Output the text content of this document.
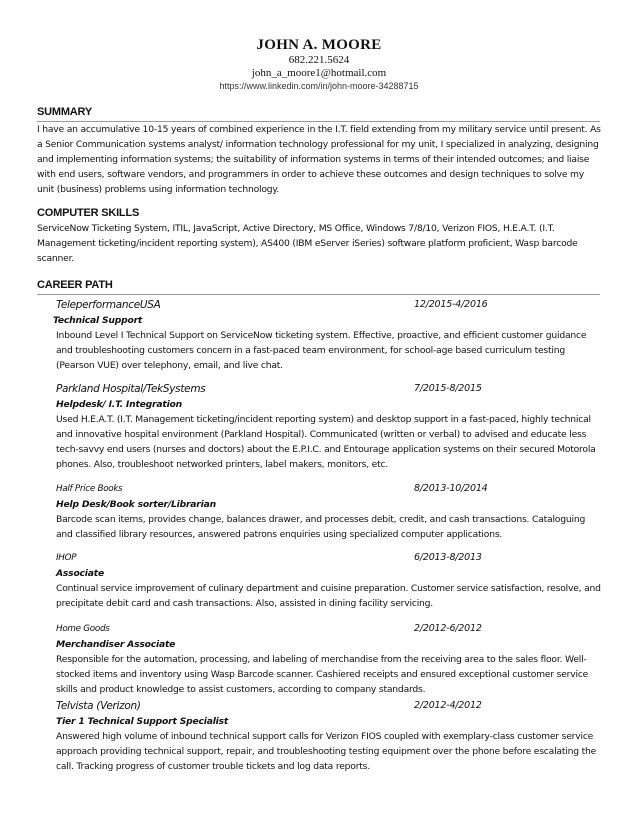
JOHN A. MOORE
682.221.5624
john_a_moore1@hotmail.com
https://www.linkedin.com/in/john-moore-34288715
SUMMARY
I have an accumulative 10-15 years of combined experience in the I.T. field extending from my military service until present. As a Senior Communication systems analyst/ information technology professional for my unit, I specialized in analyzing, designing and implementing information systems; the suitability of information systems in terms of their intended outcomes; and liaise with end users, software vendors, and programmers in order to achieve these outcomes and design techniques to solve my unit (business) problems using information technology.
COMPUTER SKILLS
ServiceNow Ticketing System, ITIL, JavaScript, Active Directory, MS Office, Windows 7/8/10, Verizon FIOS, H.E.A.T. (I.T. Management ticketing/incident reporting system), AS400 (IBM eServer iSeries) software platform proficient, Wasp barcode scanner.
CAREER PATH
TeleperformanceUSA	12/2015-4/2016
Technical Support
Inbound Level I Technical Support on ServiceNow ticketing system. Effective, proactive, and efficient customer guidance and troubleshooting customers concern in a fast-paced team environment, for school-age based curriculum testing (Pearson VUE) over telephony, email, and live chat.
Parkland Hospital/TekSystems	7/2015-8/2015
Helpdesk/ I.T. Integration
Used H.E.A.T. (I.T. Management ticketing/incident reporting system) and desktop support in a fast-paced, highly technical and innovative hospital environment (Parkland Hospital). Communicated (written or verbal) to advised and educate less tech-savvy end users (nurses and doctors) about the E.P.I.C. and Entourage application systems on their secured Motorola phones. Also, troubleshoot networked printers, label makers, monitors, etc.
Half Price Books	8/2013-10/2014
Help Desk/Book sorter/Librarian
Barcode scan items, provides change, balances drawer, and processes debit, credit, and cash transactions. Cataloguing and classified library resources, answered patrons enquiries using specialized computer applications.
IHOP	6/2013-8/2013
Associate
Continual service improvement of culinary department and cuisine preparation. Customer service satisfaction, resolve, and precipitate debit card and cash transactions. Also, assisted in dining facility servicing.
Home Goods	2/2012-6/2012
Merchandiser Associate
Responsible for the automation, processing, and labeling of merchandise from the receiving area to the sales floor. Well-stocked items and inventory using Wasp Barcode scanner. Cashiered receipts and ensured exceptional customer service skills and product knowledge to assist customers, according to company standards.
Telvista (Verizon)	2/2012-4/2012
Tier 1 Technical Support Specialist
Answered high volume of inbound technical support calls for Verizon FIOS coupled with exemplary-class customer service approach providing technical support, repair, and troubleshooting testing equipment over the phone before escalating the call. Tracking progress of customer trouble tickets and log data reports.
